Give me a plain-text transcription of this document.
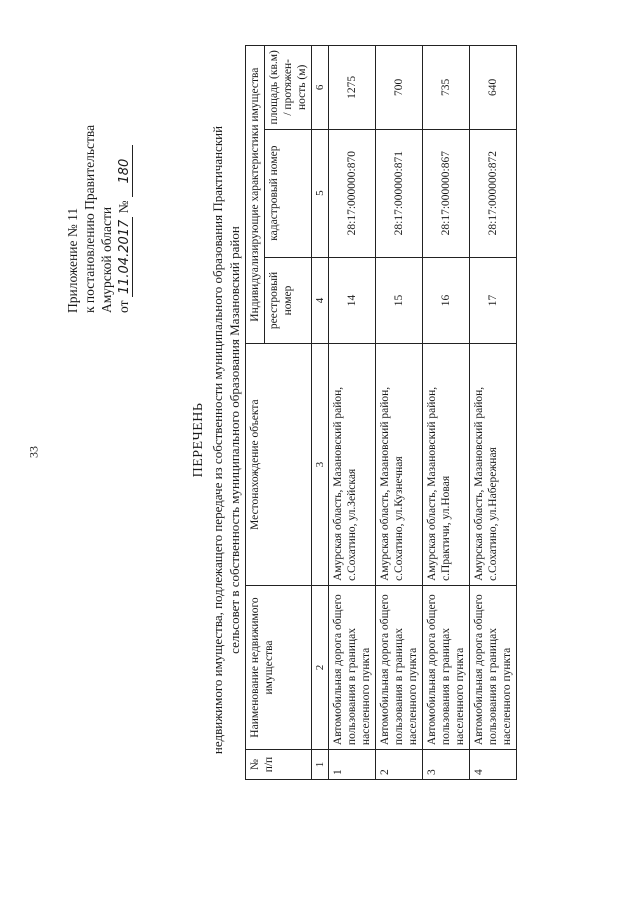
33
Приложение № 11 к постановлению Правительства Амурской области от 11.04.2017 № 180
ПЕРЕЧЕНЬ недвижимого имущества, подлежащего передаче из собственности муниципального образования Практичанский сельсовет в собственность муниципального образования Мазановский район
№ п/п	Наименование недвижимого имущества	Местонахождение объекта	Индивидуализирующие характеристики имущества		
			реестровый номер	кадастровый номер	площадь (кв.м) / протяжен-ность (м)
1	2	3	4	5	6
1	Автомобильная дорога общего пользования в границах населенного пункта	Амурская область, Мазановский район, с.Сохатино, ул.Зейская	14	28:17:000000:870	1275
2	Автомобильная дорога общего пользования в границах населенного пункта	Амурская область, Мазановский район, с.Сохатино, ул.Кузнечная	15	28:17:000000:871	700
3	Автомобильная дорога общего пользования в границах населенного пункта	Амурская область, Мазановский район, с.Практичи, ул.Новая	16	28:17:000000:867	735
4	Автомобильная дорога общего пользования в границах населенного пункта	Амурская область, Мазановский район, с.Сохатино, ул.Набережная	17	28:17:000000:872	640
